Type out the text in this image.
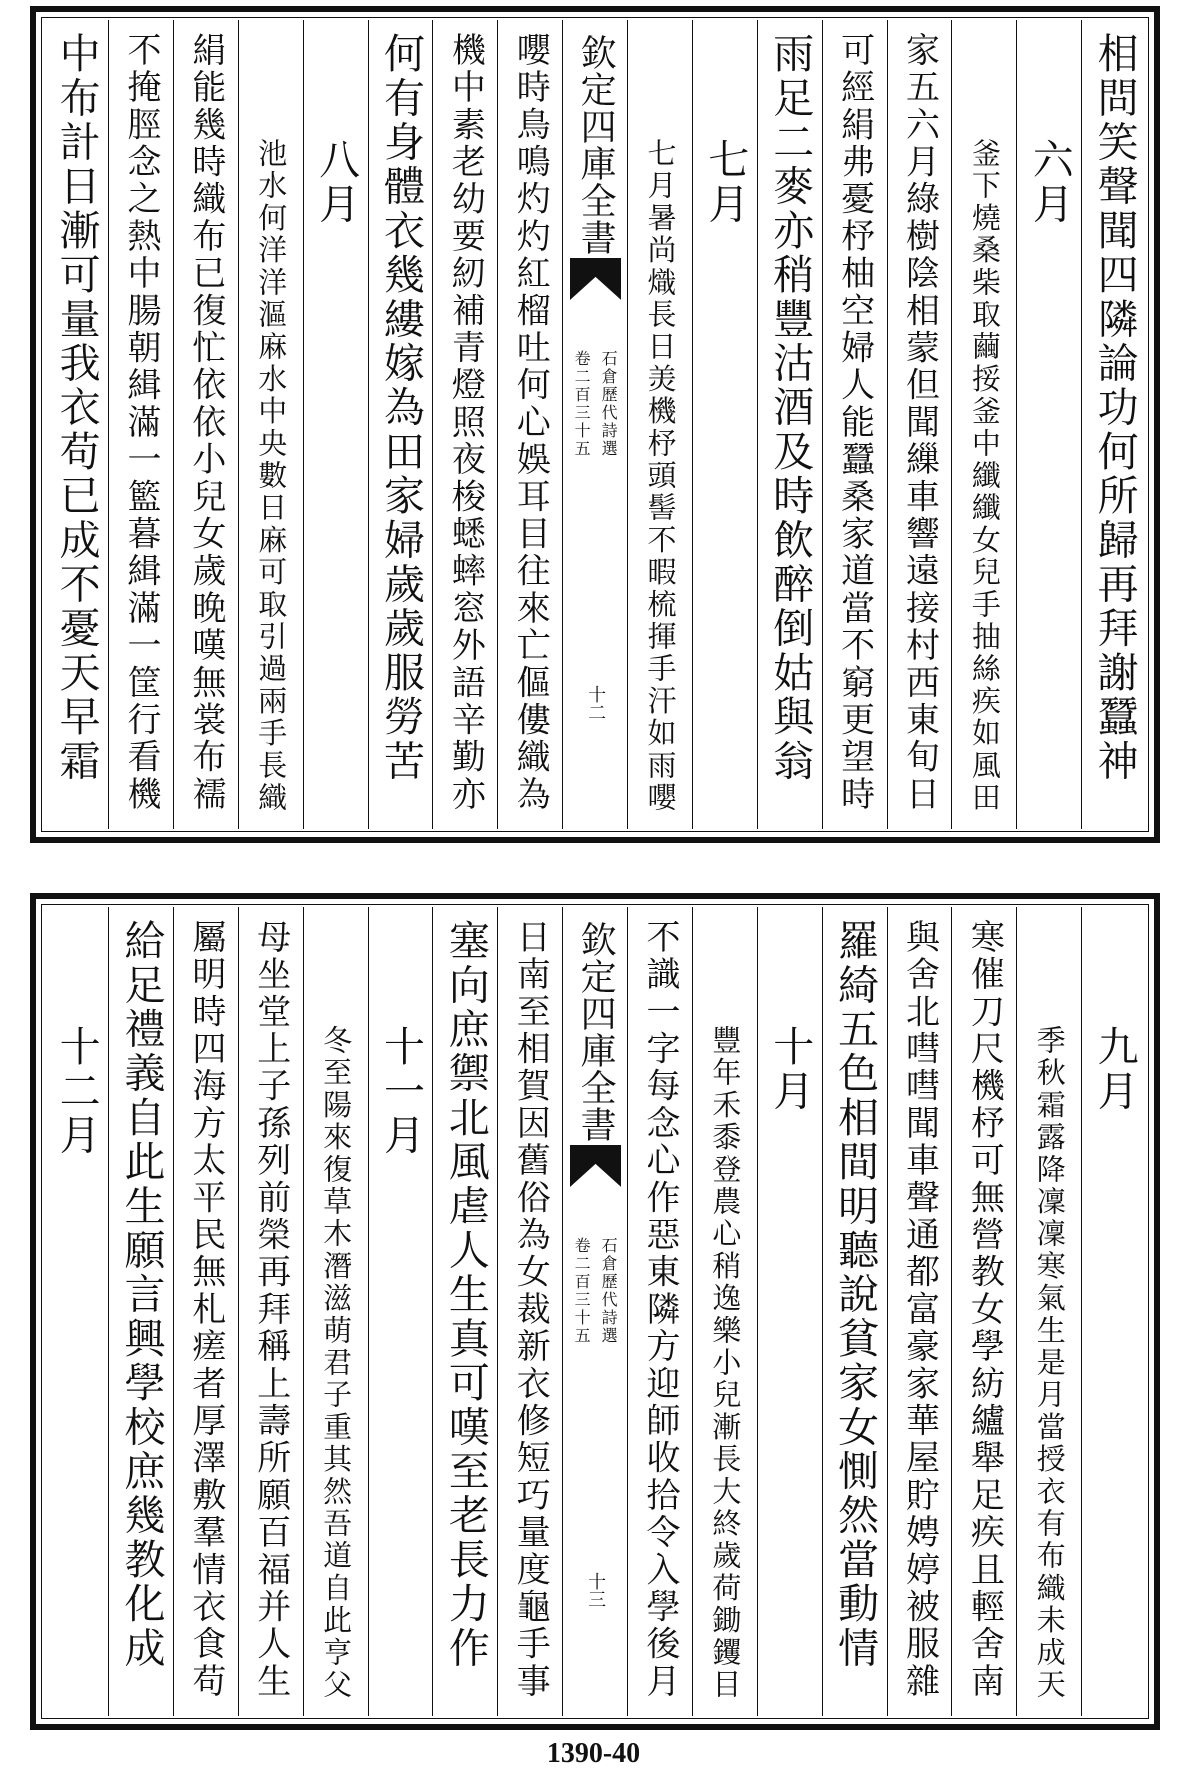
相問笑聲聞四隣論功何所歸再拜謝蠶神
六月
釜下燒桑柴取繭挼釜中纖纖女兒手抽絲疾如風田
家五六月綠樹陰相蒙但聞繅車響遠接村西東旬日
可經絹弗憂杼柚空婦人能蠶桑家道當不窮更望時
雨足二麥亦稍豐沽酒及時飲醉倒姑與翁
七月
七月暑尚熾長日羙機杼頭髻不暇梳揮手汗如雨嚶
欽定四庫全書
石倉歷代詩選
卷二百三十五
十二
嚶時鳥鳴灼灼紅榴吐何心娛耳目往來亡傴僂織為
機中素老幼要紉補青燈照夜梭蟋蟀窓外語辛勤亦
何有身體衣幾縷嫁為田家婦歲歲服勞苦
八月
池水何洋洋漚麻水中央數日麻可取引過兩手長織
絹能幾時織布已復忙依依小兒女歲晚嘆無裳布襦
不掩脛念之熱中腸朝緝滿一籃暮緝滿一筐行看機
中布計日漸可量我衣苟已成不憂天早霜
九月
季秋霜露降凜凜寒氣生是月當授衣有布織未成天
寒催刀尺機杼可無營教女學紡纑舉足疾且輕舍南
與舍北嘒嘒聞車聲通都富豪家華屋貯娉婷被服雜
羅綺五色相間明聽說貧家女惻然當動情
十月
豐年禾黍登農心稍逸樂小兒漸長大終歲荷鋤钁目
不識一字每念心作惡東隣方迎師收拾令入學後月
欽定四庫全書
石倉歷代詩選
卷二百三十五
十三
日南至相賀因舊俗為女裁新衣修短巧量度龜手事
塞向庶禦北風虐人生真可嘆至老長力作
十一月
冬至陽來復草木潛滋萌君子重其然吾道自此亨父
母坐堂上子孫列前榮再拜稱上壽所願百福并人生
屬明時四海方太平民無札瘥者厚澤敷羣情衣食苟
給足禮義自此生願言興學校庶幾教化成
十二月
1390-40
